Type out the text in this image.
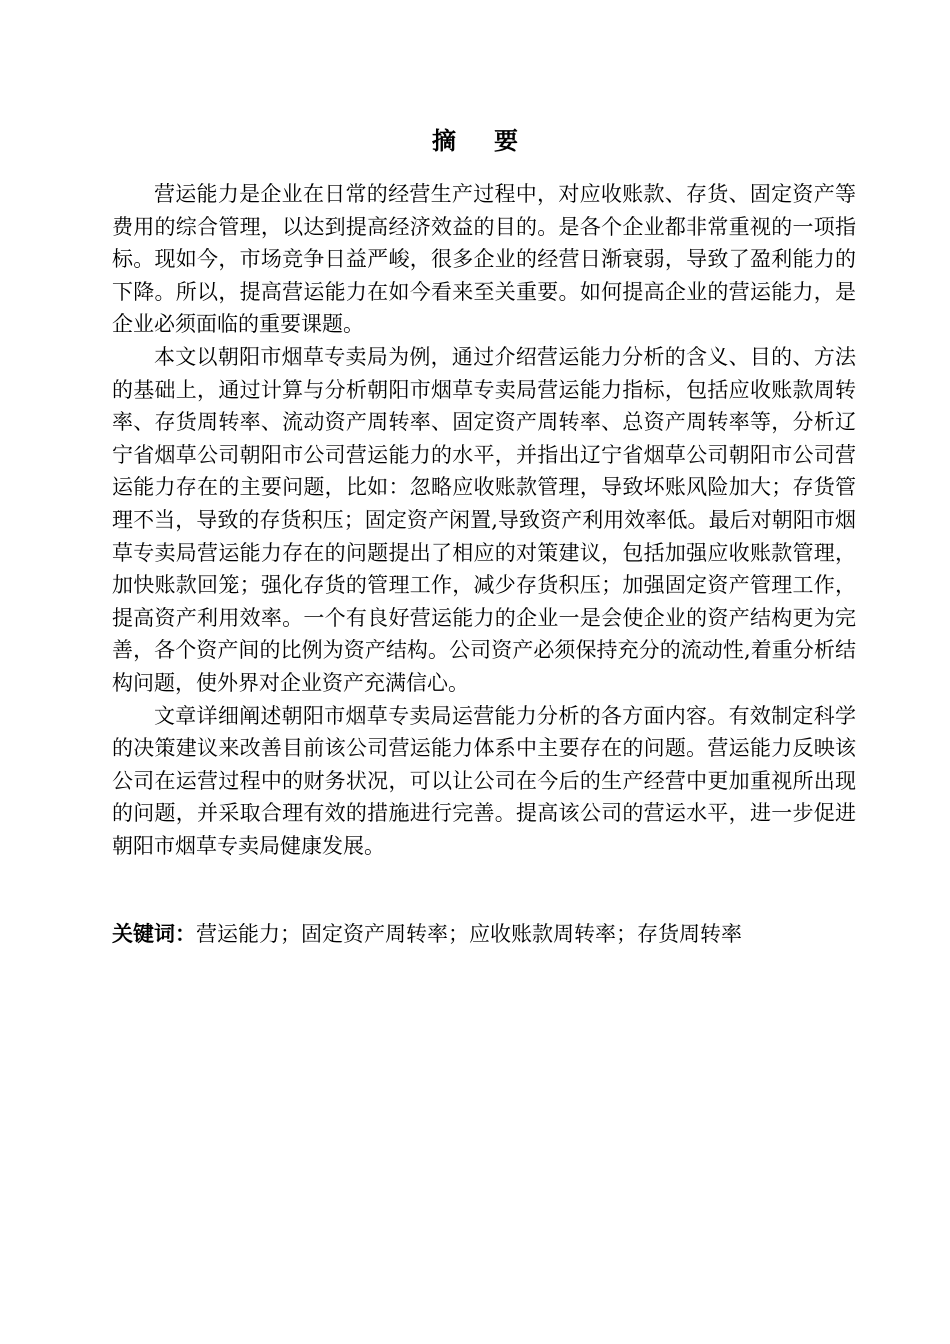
摘 要

营运能力是企业在日常的经营生产过程中，对应收账款、存货、固定资产等费用的综合管理，以达到提高经济效益的目的。是各个企业都非常重视的一项指标。现如今，市场竞争日益严峻，很多企业的经营日渐衰弱，导致了盈利能力的下降。所以，提高营运能力在如今看来至关重要。如何提高企业的营运能力，是企业必须面临的重要课题。

本文以朝阳市烟草专卖局为例，通过介绍营运能力分析的含义、目的、方法的基础上，通过计算与分析朝阳市烟草专卖局营运能力指标，包括应收账款周转率、存货周转率、流动资产周转率、固定资产周转率、总资产周转率等，分析辽宁省烟草公司朝阳市公司营运能力的水平，并指出辽宁省烟草公司朝阳市公司营运能力存在的主要问题，比如：忽略应收账款管理，导致坏账风险加大；存货管理不当，导致的存货积压；固定资产闲置,导致资产利用效率低。最后对朝阳市烟草专卖局营运能力存在的问题提出了相应的对策建议，包括加强应收账款管理，加快账款回笼；强化存货的管理工作，减少存货积压；加强固定资产管理工作，提高资产利用效率。一个有良好营运能力的企业一是会使企业的资产结构更为完善，各个资产间的比例为资产结构。公司资产必须保持充分的流动性,着重分析结构问题，使外界对企业资产充满信心。

文章详细阐述朝阳市烟草专卖局运营能力分析的各方面内容。有效制定科学的决策建议来改善目前该公司营运能力体系中主要存在的问题。营运能力反映该公司在运营过程中的财务状况，可以让公司在今后的生产经营中更加重视所出现的问题，并采取合理有效的措施进行完善。提高该公司的营运水平，进一步促进朝阳市烟草专卖局健康发展。

关键词：营运能力；固定资产周转率；应收账款周转率；存货周转率
